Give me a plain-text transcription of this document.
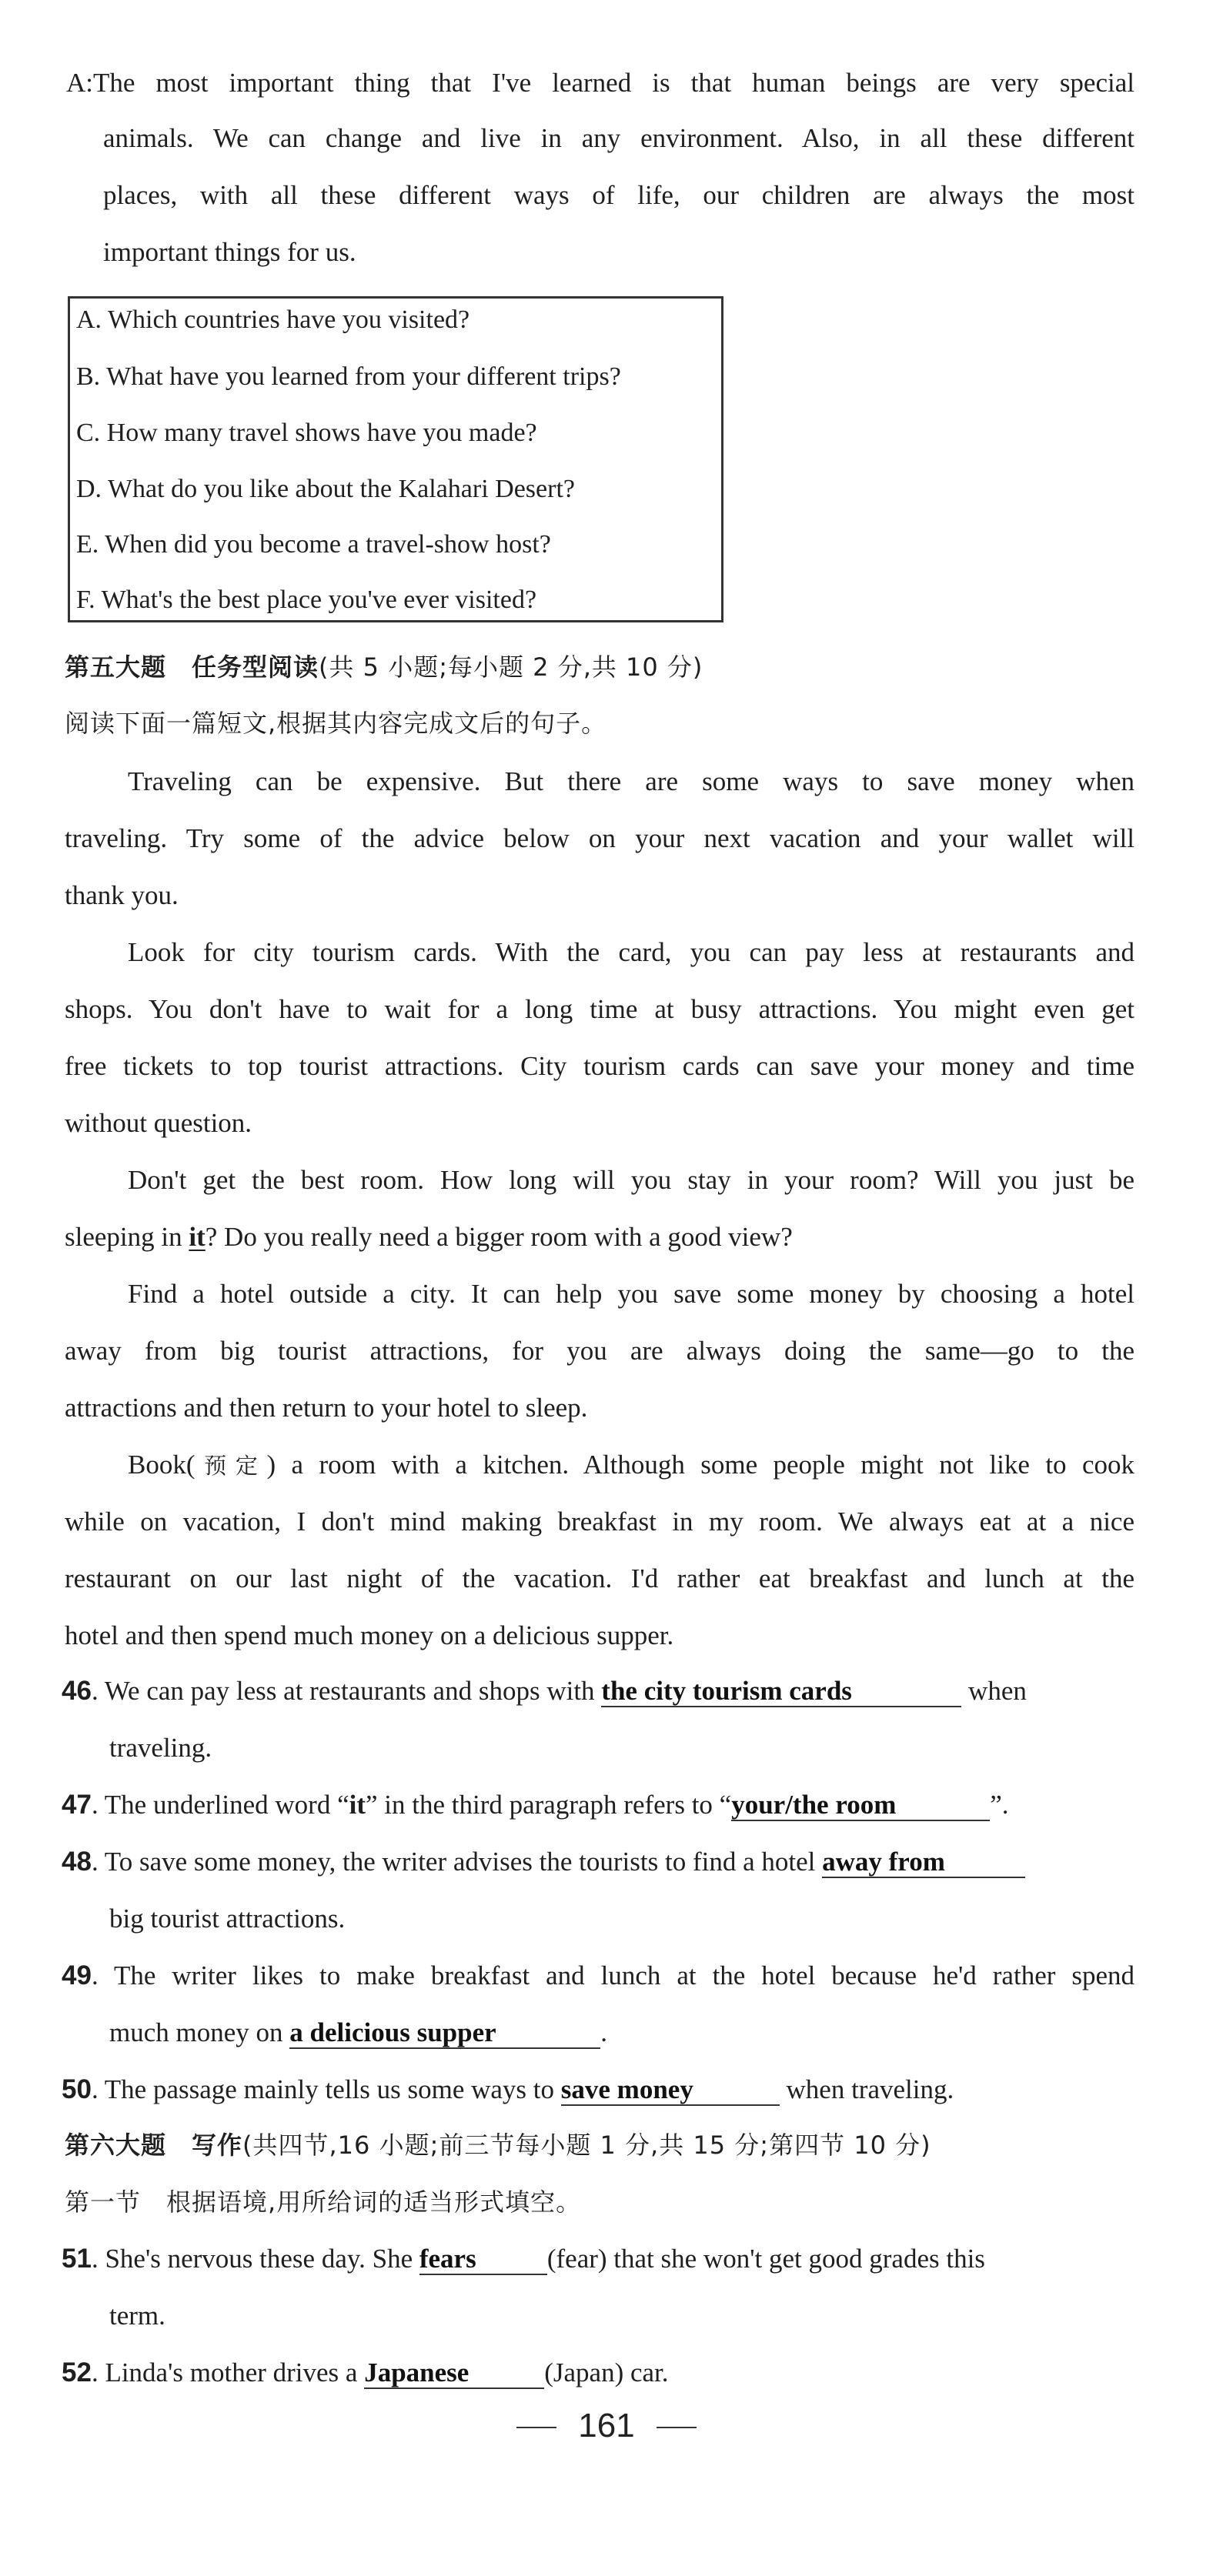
A:The most important thing that I've learned is that human beings are very special
animals. We can change and live in any environment. Also, in all these different
places, with all these different ways of life, our children are always the most
important things for us.
A. Which countries have you visited?
B. What have you learned from your different trips?
C. How many travel shows have you made?
D. What do you like about the Kalahari Desert?
E. When did you become a travel-show host?
F. What's the best place you've ever visited?
第五大题　任务型阅读(共 5 小题;每小题 2 分,共 10 分)
阅读下面一篇短文,根据其内容完成文后的句子。
Traveling can be expensive. But there are some ways to save money when
traveling. Try some of the advice below on your next vacation and your wallet will
thank you.
Look for city tourism cards. With the card, you can pay less at restaurants and
shops. You don't have to wait for a long time at busy attractions. You might even get
free tickets to top tourist attractions. City tourism cards can save your money and time
without question.
Don't get the best room. How long will you stay in your room? Will you just be
sleeping in it? Do you really need a bigger room with a good view?
Find a hotel outside a city. It can help you save some money by choosing a hotel
away from big tourist attractions, for you are always doing the same—go to the
attractions and then return to your hotel to sleep.
Book(预定) a room with a kitchen. Although some people might not like to cook
while on vacation, I don't mind making breakfast in my room. We always eat at a nice
restaurant on our last night of the vacation. I'd rather eat breakfast and lunch at the
hotel and then spend much money on a delicious supper.
46. We can pay less at restaurants and shops with the city tourism cards	when
traveling.
47. The underlined word “it” in the third paragraph refers to “your/the room	”.
48. To save some money, the writer advises the tourists to find a hotel away from
big tourist attractions.
49. The writer likes to make breakfast and lunch at the hotel because he'd rather spend
much money on a delicious supper	.
50. The passage mainly tells us some ways to save money	when traveling.
第六大题　写作(共四节,16 小题;前三节每小题 1 分,共 15 分;第四节 10 分)
第一节　根据语境,用所给词的适当形式填空。
51. She's nervous these day. She fears	(fear) that she won't get good grades this
term.
52. Linda's mother drives a Japanese	(Japan) car.
161
